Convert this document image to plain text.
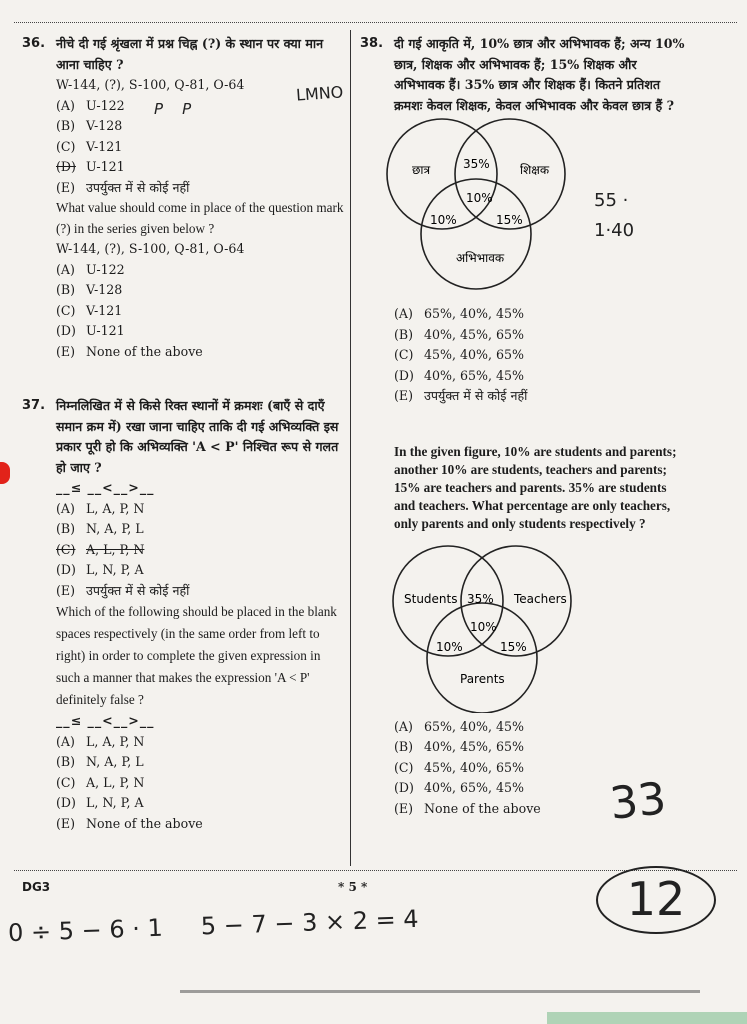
36. नीचे दी गई श्रृंखला में प्रश्न चिह्न (?) के स्थान पर क्या मान आना चाहिए ?
W-144, (?), S-100, Q-81, O-64
(A) U-122
(B) V-128
(C) V-121
(D) U-121
(E) उपर्युक्त में से कोई नहीं
What value should come in place of the question mark (?) in the series given below ?
W-144, (?), S-100, Q-81, O-64
(A) U-122
(B) V-128
(C) V-121
(D) U-121
(E) None of the above
37. निम्नलिखित में से किसे रिक्त स्थानों में क्रमशः (बाएँ से दाएँ समान क्रम में) रखा जाना चाहिए ताकि दी गई अभिव्यक्ति इस प्रकार पूरी हो कि अभिव्यक्ति 'A < P' निश्चित रूप से गलत हो जाए ?
__≤ __<__>__
(A) L, A, P, N
(B) N, A, P, L
(C) A, L, P, N
(D) L, N, P, A
(E) उपर्युक्त में से कोई नहीं
Which of the following should be placed in the blank spaces respectively (in the same order from left to right) in order to complete the given expression in such a manner that makes the expression 'A < P' definitely false ?
__≤ __<__>__
(A) L, A, P, N
(B) N, A, P, L
(C) A, L, P, N
(D) L, N, P, A
(E) None of the above
38. दी गई आकृति में, 10% छात्र और अभिभावक हैं; अन्य 10% छात्र, शिक्षक और अभिभावक हैं; 15% शिक्षक और अभिभावक हैं। 35% छात्र और शिक्षक हैं। कितने प्रतिशत क्रमशः केवल शिक्षक, केवल अभिभावक और केवल छात्र हैं ?
छात्र	शिक्षक
अभिभावक
35%
10%	15%
10%
(A) 65%, 40%, 45%
(B) 40%, 45%, 65%
(C) 45%, 40%, 65%
(D) 40%, 65%, 45%
(E) उपर्युक्त में से कोई नहीं
In the given figure, 10% are students and parents; another 10% are students, teachers and parents; 15% are teachers and parents. 35% are students and teachers. What percentage are only teachers, only parents and only students respectively ?
Students	Teachers
Parents
35%
10%	15%
10%
(A) 65%, 40%, 45%
(B) 40%, 45%, 65%
(C) 45%, 40%, 65%
(D) 40%, 65%, 45%
(E) None of the above
DG3	* 5 *
LMNO
P    P
55 · 1·40
33
12
0 ÷ 5 − 6 · 1     5 − 7 − 3 × 2 = 4
